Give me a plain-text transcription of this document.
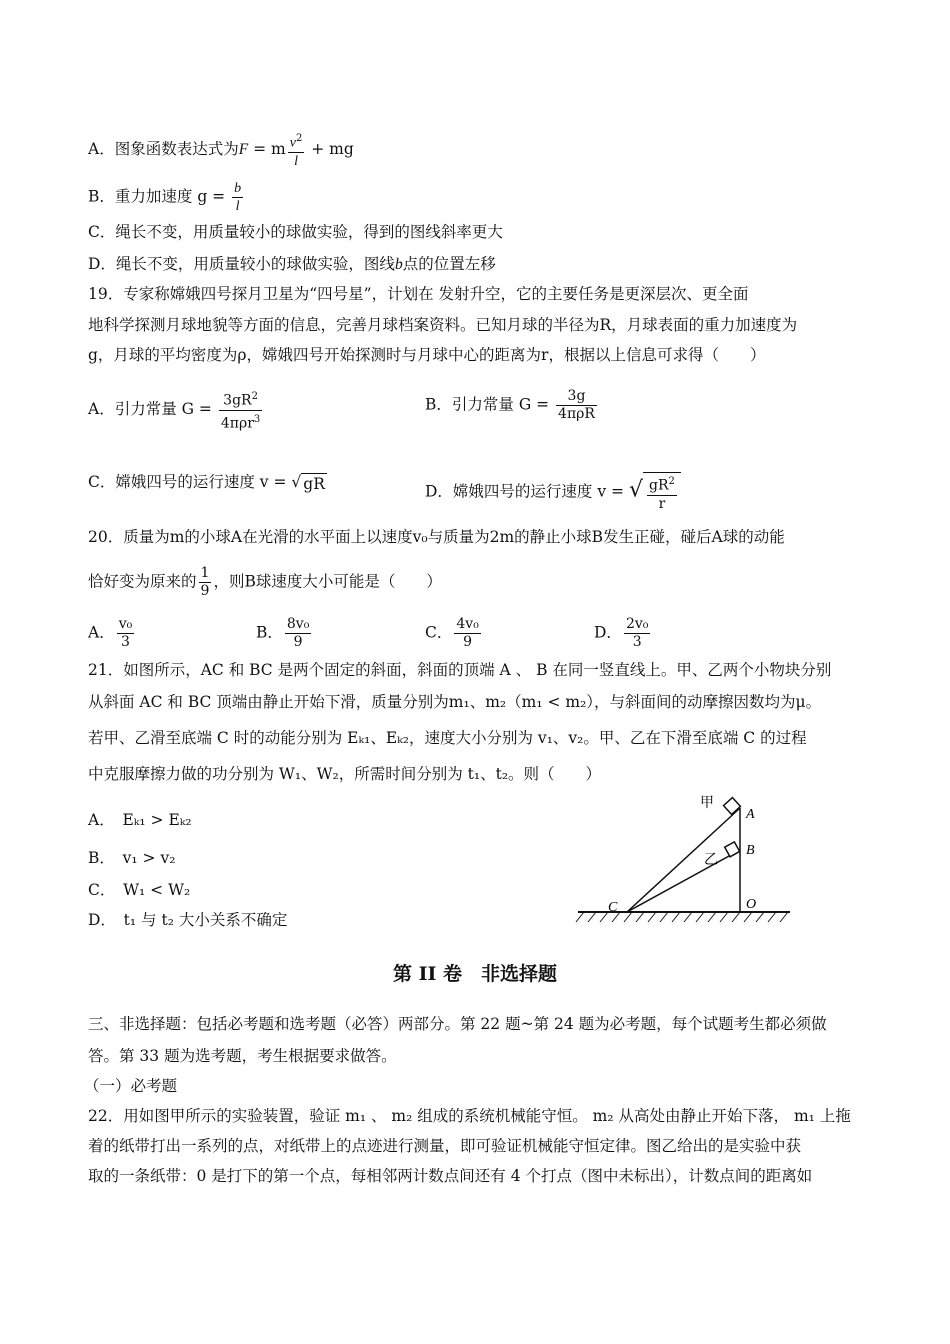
A．图象函数表达式为F = m $\frac{v^2}{l}$ + mg
B．重力加速度 $g = \frac{b}{l}$
C．绳长不变，用质量较小的球做实验，得到的图线斜率更大
D．绳长不变，用质量较小的球做实验，图线b点的位置左移
19．专家称嫦娥四号探月卫星为“四号星”，计划在 发射升空，它的主要任务是更深层次、更全面
地科学探测月球地貌等方面的信息，完善月球档案资料。已知月球的半径为R，月球表面的重力加速度为
g，月球的平均密度为ρ，嫦娥四号开始探测时与月球中心的距离为r，根据以上信息可求得（　　）
A．引力常量 $G = \frac{3gR^2}{4\pi\rho r^3}$	B．引力常量 $G = \frac{3g}{\text{4πρR}}$
C．嫦娥四号的运行速度 v = √ gR	D．嫦娥四号的运行速度 v = √ $\frac{gR^2}{r}$
20．质量为m的小球A在光滑的水平面上以速度v₀与质量为2m的静止小球B发生正碰，碰后A球的动能
恰好变为原来的 $\frac{1}{9}$ ，则B球速度大小可能是（　　）
A． $\frac{\text{v₀}}{3}$	B． $\frac{\text{8v₀}}{9}$	C． $\frac{\text{4v₀}}{9}$	D． $\frac{\text{2v₀}}{3}$
21．如图所示，AC 和 BC 是两个固定的斜面，斜面的顶端 A 、 B 在同一竖直线上。甲、乙两个小物块分别
从斜面 AC 和 BC 顶端由静止开始下滑，质量分别为m₁、m₂（m₁ < m₂），与斜面间的动摩擦因数均为μ。
若甲、乙滑至底端 C 时的动能分别为 Eₖ₁、Eₖ₂，速度大小分别为 v₁、v₂。甲、乙在下滑至底端 C 的过程
中克服摩擦力做的功分别为 W₁、W₂，所需时间分别为 t₁、t₂。则（　　）
A．　Eₖ₁ > Eₖ₂
B．　v₁ > v₂
C．　W₁ < W₂
D．　t₁ 与 t₂ 大小关系不确定
甲
A
乙
B
C	O
第 II 卷　非选择题
三、非选择题：包括必考题和选考题（必答）两部分。第 22 题~第 24 题为必考题，每个试题考生都必须做
答。第 33 题为选考题，考生根据要求做答。
（一）必考题
22．用如图甲所示的实验装置，验证 m₁ 、 m₂ 组成的系统机械能守恒。 m₂ 从高处由静止开始下落， m₁ 上拖
着的纸带打出一系列的点，对纸带上的点迹进行测量，即可验证机械能守恒定律。图乙给出的是实验中获
取的一条纸带：0 是打下的第一个点，每相邻两计数点间还有 4 个打点（图中未标出），计数点间的距离如
